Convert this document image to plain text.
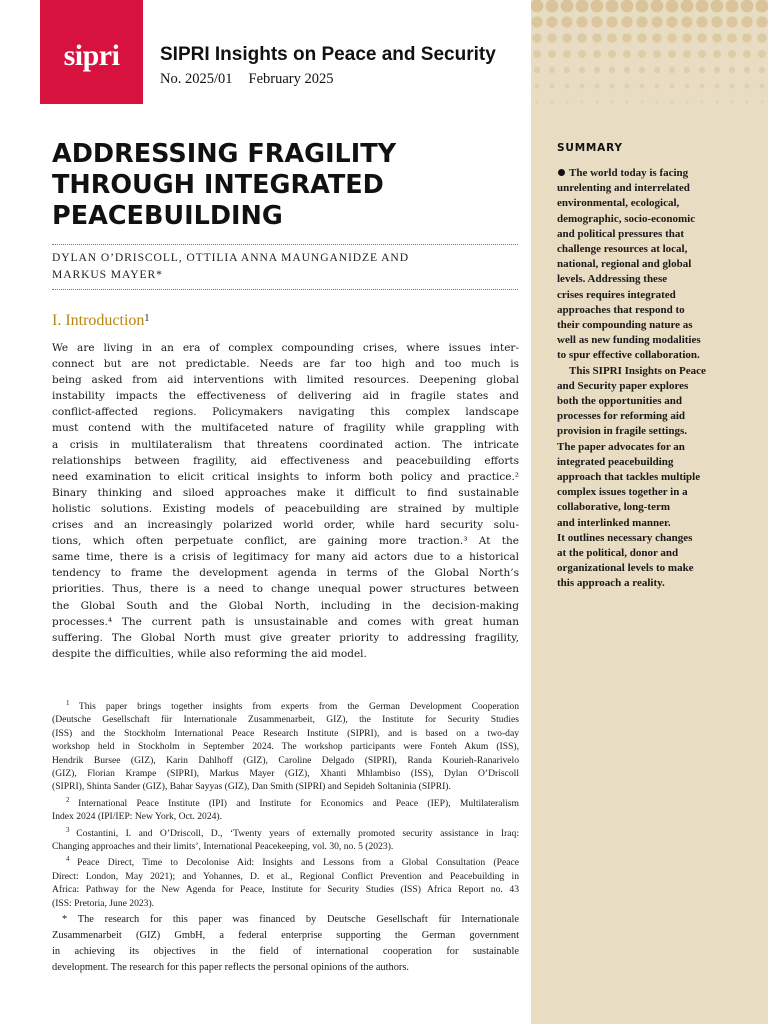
sipri	SIPRI Insights on Peace and Security
No. 2025/01 February 2025
ADDRESSING FRAGILITY
THROUGH INTEGRATED
PEACEBUILDING
DYLAN O’DRISCOLL, OTTILIA ANNA MAUNGANIDZE AND
MARKUS MAYER*
I. Introduction$^1$
We are living in an era of complex compounding crises, where issues inter-
connect but are not predictable. Needs are far too high and too much is
being asked from aid interventions with limited resources. Deepening global
instability impacts the effectiveness of delivering aid in fragile states and
conflict-affected regions. Policymakers navigating this complex landscape
must contend with the multifaceted nature of fragility while grappling with
a crisis in multilateralism that threatens coordinated action. The intricate
relationships between fragility, aid effectiveness and peacebuilding efforts
need examination to elicit critical insights to inform both policy and practice.²
Binary thinking and siloed approaches make it difficult to find sustainable
holistic solutions. Existing models of peacebuilding are strained by multiple
crises and an increasingly polarized world order, while hard security solu-
tions, which often perpetuate conflict, are gaining more traction.³ At the
same time, there is a crisis of legitimacy for many aid actors due to a historical
tendency to frame the development agenda in terms of the Global North’s
priorities. Thus, there is a need to change unequal power structures between
the Global South and the Global North, including in the decision-making
processes.⁴ The current path is unsustainable and comes with great human
suffering. The Global North must give greater priority to addressing fragility,
despite the difficulties, while also reforming the aid model.
$^1$ This paper brings together insights from experts from the German Development Cooperation
(Deutsche Gesellschaft für Internationale Zusammenarbeit, GIZ), the Institute for Security Studies
(ISS) and the Stockholm International Peace Research Institute (SIPRI), and is based on a two-day
workshop held in Stockholm in September 2024. The workshop participants were Fonteh Akum (ISS),
Hendrik Bursee (GIZ), Karin Dahlhoff (GIZ), Caroline Delgado (SIPRI), Randa Kourieh-Ranarivelo
(GIZ), Florian Krampe (SIPRI), Markus Mayer (GIZ), Xhanti Mhlambiso (ISS), Dylan O’Driscoll
(SIPRI), Shinta Sander (GIZ), Bahar Sayyas (GIZ), Dan Smith (SIPRI) and Sepideh Soltaninia (SIPRI).
$^2$ International Peace Institute (IPI) and Institute for Economics and Peace (IEP), Multilateralism
Index 2024 (IPI/IEP: New York, Oct. 2024).
$^3$ Costantini, I. and O’Driscoll, D., ‘Twenty years of externally promoted security assistance in Iraq:
Changing approaches and their limits’, International Peacekeeping, vol. 30, no. 5 (2023).
$^4$ Peace Direct, Time to Decolonise Aid: Insights and Lessons from a Global Consultation (Peace
Direct: London, May 2021); and Yohannes, D. et al., Regional Conflict Prevention and Peacebuilding in
Africa: Pathway for the New Agenda for Peace, Institute for Security Studies (ISS) Africa Report no. 43
(ISS: Pretoria, June 2023).
* The research for this paper was financed by Deutsche Gesellschaft für Internationale
Zusammenarbeit (GIZ) GmbH, a federal enterprise supporting the German government
in achieving its objectives in the field of international cooperation for sustainable
development. The research for this paper reflects the personal opinions of the authors.
SUMMARY
The world today is facing
unrelenting and interrelated
environmental, ecological,
demographic, socio-economic
and political pressures that
challenge resources at local,
national, regional and global
levels. Addressing these
crises requires integrated
approaches that respond to
their compounding nature as
well as new funding modalities
to spur effective collaboration.
This SIPRI Insights on Peace
and Security paper explores
both the opportunities and
processes for reforming aid
provision in fragile settings.
The paper advocates for an
integrated peacebuilding
approach that tackles multiple
complex issues together in a
collaborative, long-term
and interlinked manner.
It outlines necessary changes
at the political, donor and
organizational levels to make
this approach a reality.
